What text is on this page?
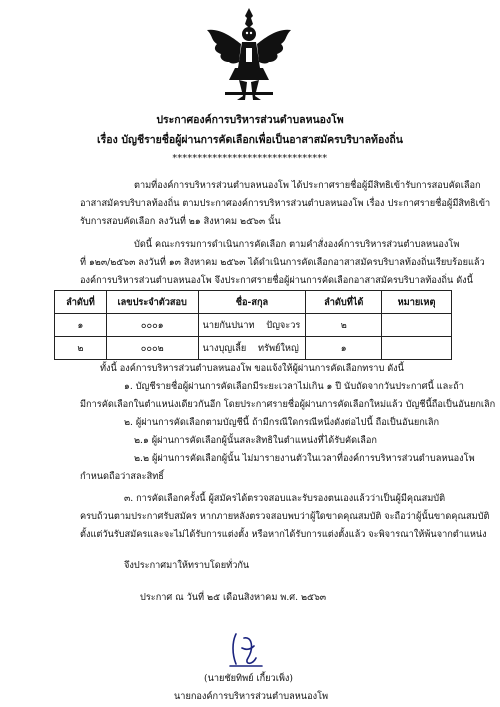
ประกาศองค์การบริหารส่วนตำบลหนองโพ
เรื่อง บัญชีรายชื่อผู้ผ่านการคัดเลือกเพื่อเป็นอาสาสมัครบริบาลท้องถิ่น
*******************************
ตามที่องค์การบริหารส่วนตำบลหนองโพ ได้ประกาศรายชื่อผู้มีสิทธิเข้ารับการสอบคัดเลือก
อาสาสมัครบริบาลท้องถิ่น ตามประกาศองค์การบริหารส่วนตำบลหนองโพ เรื่อง ประกาศรายชื่อผู้มีสิทธิเข้า
รับการสอบคัดเลือก ลงวันที่ ๒๑ สิงหาคม ๒๕๖๓ นั้น
บัดนี้ คณะกรรมการดำเนินการคัดเลือก ตามคำสั่งองค์การบริหารส่วนตำบลหนองโพ
ที่ ๑๒๓/๒๕๖๓ ลงวันที่ ๑๓ สิงหาคม ๒๕๖๓ ได้ดำเนินการคัดเลือกอาสาสมัครบริบาลท้องถิ่นเรียบร้อยแล้ว
องค์การบริหารส่วนตำบลหนองโพ จึงประกาศรายชื่อผู้ผ่านการคัดเลือกอาสาสมัครบริบาลท้องถิ่น ดังนี้
ลำดับที่	เลขประจำตัวสอบ	ชื่อ-สกุล	ลำดับที่ได้	หมายเหตุ
๑	๐๐๐๑	นายกันปนาท ปัญจะวร	๒	
๒	๐๐๐๒	นางบุญเลี้ย ทรัพย์ใหญ่	๑	
ทั้งนี้ องค์การบริหารส่วนตำบลหนองโพ ขอแจ้งให้ผู้ผ่านการคัดเลือกทราบ ดังนี้
๑. บัญชีรายชื่อผู้ผ่านการคัดเลือกมีระยะเวลาไม่เกิน ๑ ปี นับถัดจากวันประกาศนี้ และถ้า
มีการคัดเลือกในตำแหน่งเดียวกันอีก โดยประกาศรายชื่อผู้ผ่านการคัดเลือกใหม่แล้ว บัญชีนี้ถือเป็นอันยกเลิก
๒. ผู้ผ่านการคัดเลือกตามบัญชีนี้ ถ้ามีกรณีใดกรณีหนึ่งดังต่อไปนี้ ถือเป็นอันยกเลิก
๒.๑ ผู้ผ่านการคัดเลือกผู้นั้นสละสิทธิในตำแหน่งที่ได้รับคัดเลือก
๒.๒ ผู้ผ่านการคัดเลือกผู้นั้น ไม่มารายงานตัวในเวลาที่องค์การบริหารส่วนตำบลหนองโพ
กำหนดถือว่าสละสิทธิ์
๓. การคัดเลือกครั้งนี้ ผู้สมัครได้ตรวจสอบและรับรองตนเองแล้วว่าเป็นผู้มีคุณสมบัติ
ครบถ้วนตามประกาศรับสมัคร หากภายหลังตรวจสอบพบว่าผู้ใดขาดคุณสมบัติ จะถือว่าผู้นั้นขาดคุณสมบัติ
ตั้งแต่วันรับสมัครและจะไม่ได้รับการแต่งตั้ง หรือหากได้รับการแต่งตั้งแล้ว จะพิจารณาให้พ้นจากตำแหน่ง
จึงประกาศมาให้ทราบโดยทั่วกัน
ประกาศ ณ วันที่ ๒๕ เดือนสิงหาคม พ.ศ. ๒๕๖๓
(นายชัยทิพย์ เกี้ยวเพ็ง)
นายกองค์การบริหารส่วนตำบลหนองโพ
